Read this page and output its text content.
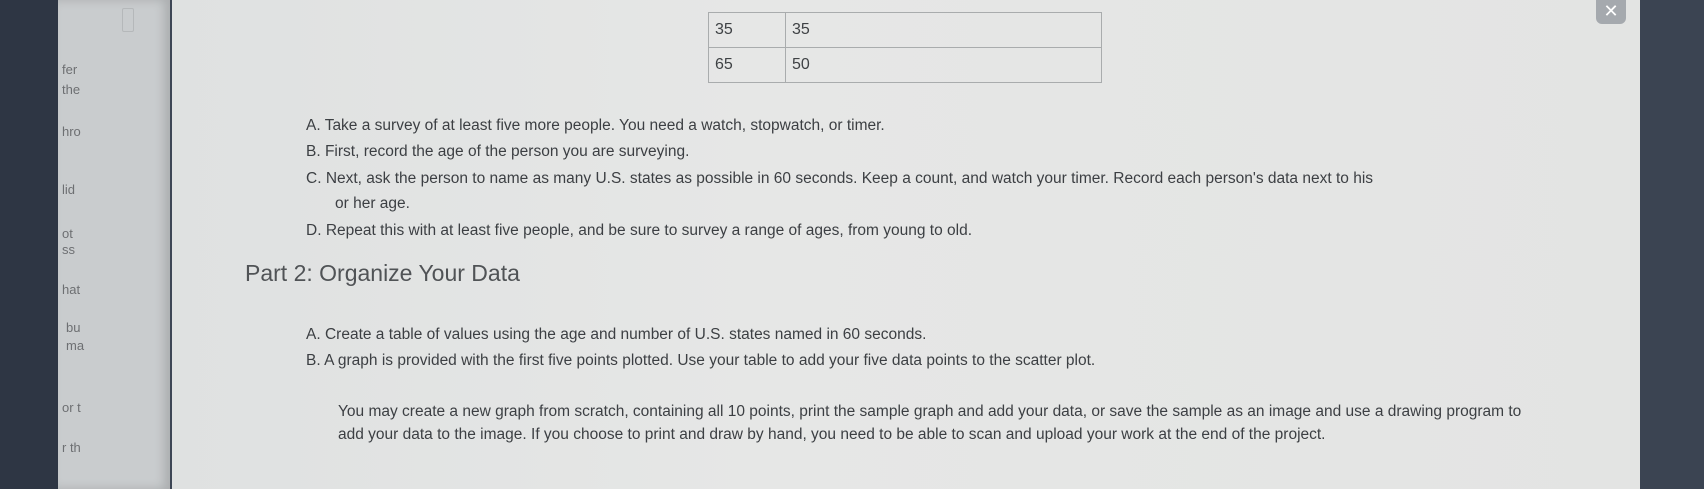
fer
the
hro
lid
ot
ss
hat
bu
ma
or t
r th
35	35
65	50
A. Take a survey of at least five more people. You need a watch, stopwatch, or timer.
B. First, record the age of the person you are surveying.
C. Next, ask the person to name as many U.S. states as possible in 60 seconds. Keep a count, and watch your timer. Record each person's data next to his
or her age.
D. Repeat this with at least five people, and be sure to survey a range of ages, from young to old.
Part 2: Organize Your Data
A. Create a table of values using the age and number of U.S. states named in 60 seconds.
B. A graph is provided with the first five points plotted. Use your table to add your five data points to the scatter plot.
You may create a new graph from scratch, containing all 10 points, print the sample graph and add your data, or save the sample as an image and use a drawing program to add your data to the image. If you choose to print and draw by hand, you need to be able to scan and upload your work at the end of the project.
✕
